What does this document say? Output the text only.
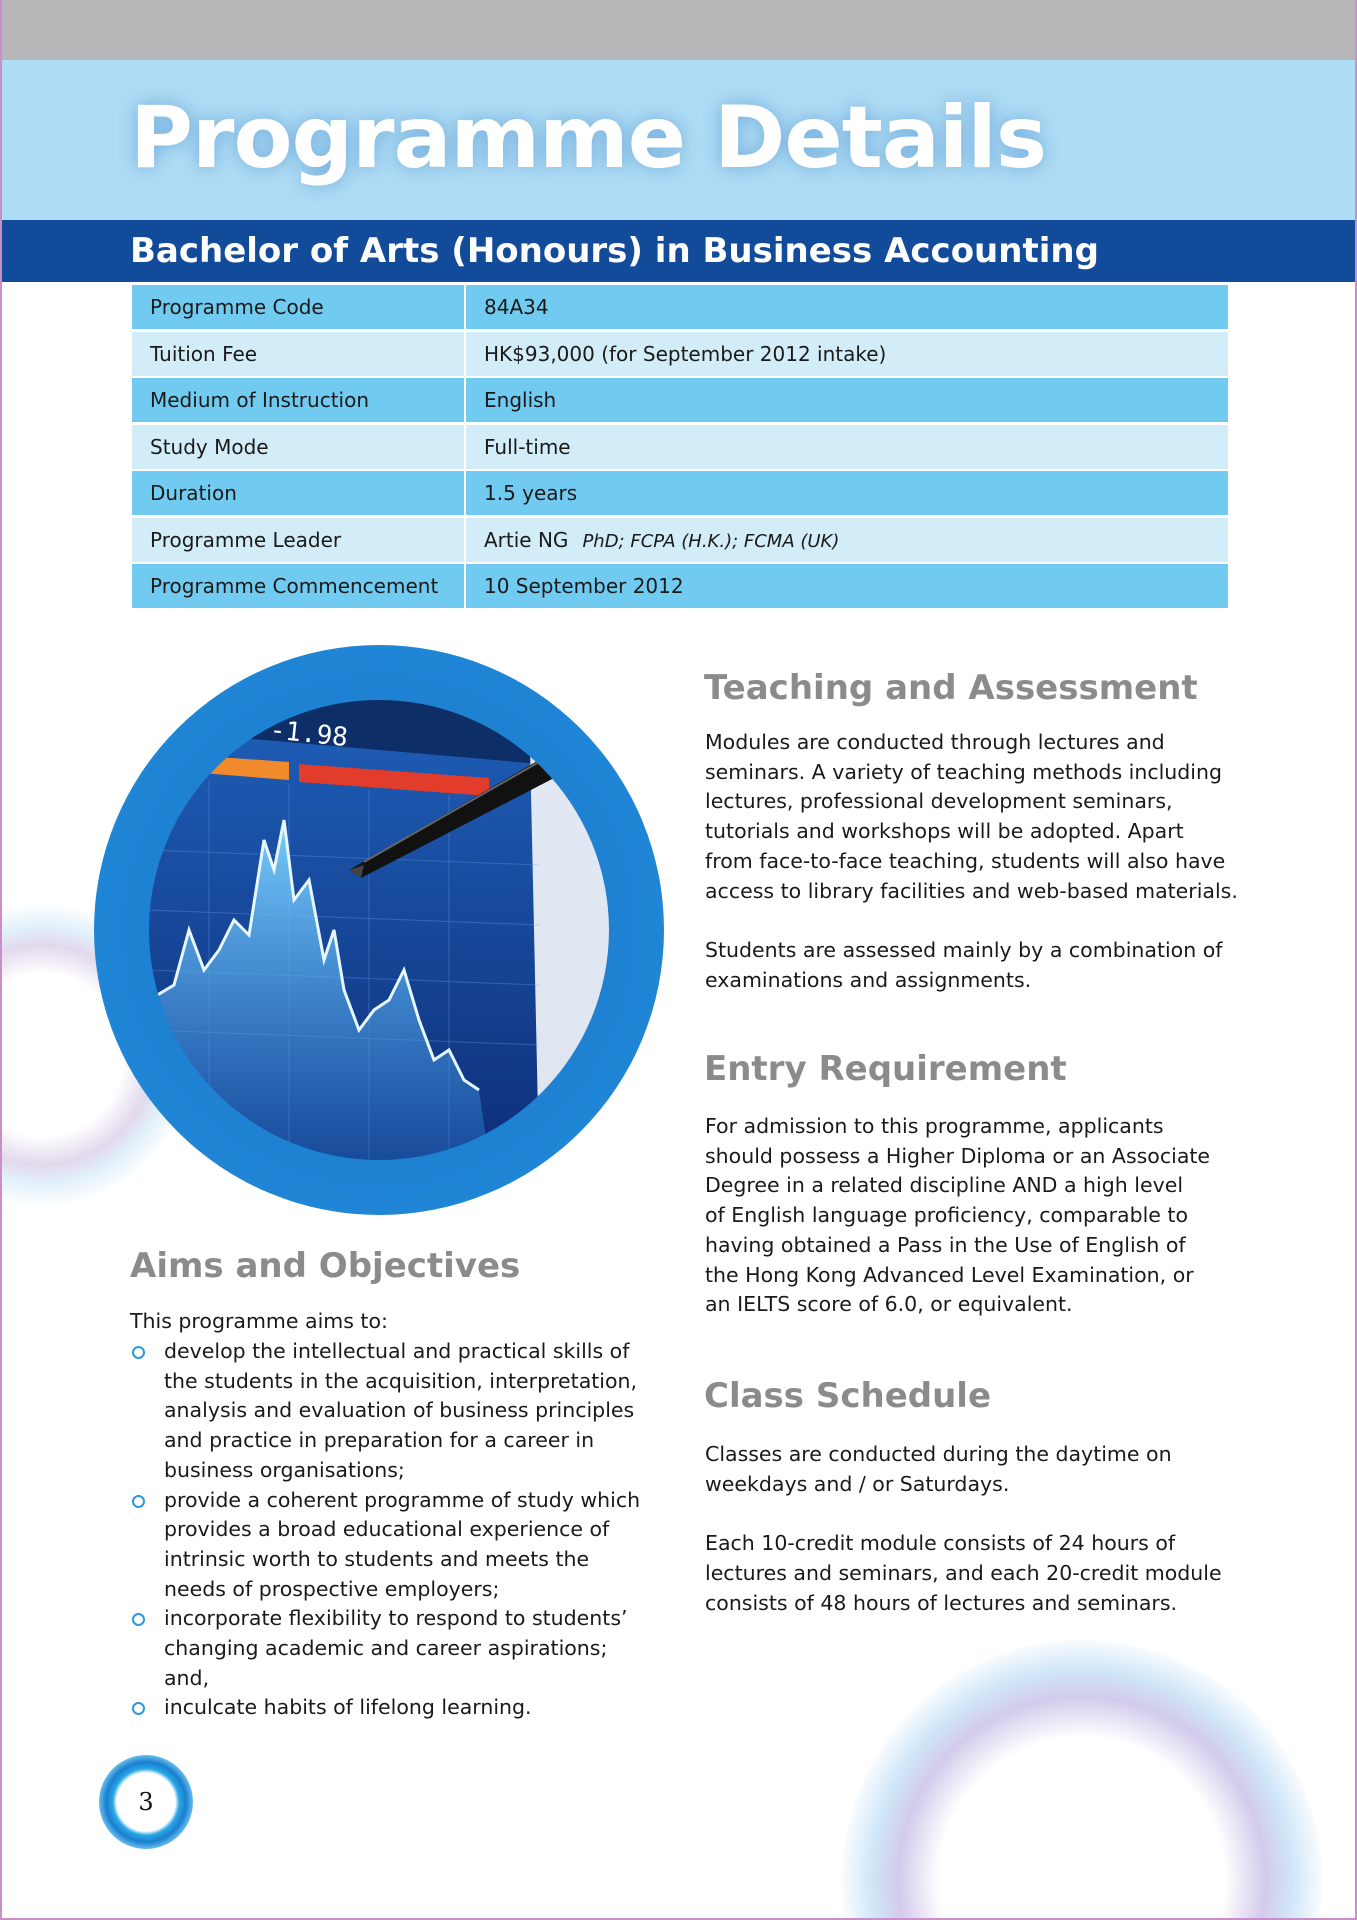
Programme Details
Bachelor of Arts (Honours) in Business Accounting
Programme Code	84A34
Tuition Fee	HK$93,000 (for September 2012 intake)
Medium of Instruction	English
Study Mode	Full-time
Duration	1.5 years
Programme Leader	Artie NG PhD; FCPA (H.K.); FCMA (UK)
Programme Commencement	10 September 2012
-1.98
Teaching and Assessment
Modules are conducted through lectures and
seminars. A variety of teaching methods including
lectures, professional development seminars,
tutorials and workshops will be adopted. Apart
from face-to-face teaching, students will also have
access to library facilities and web-based materials.

Students are assessed mainly by a combination of
examinations and assignments.
Entry Requirement
For admission to this programme, applicants
should possess a Higher Diploma or an Associate
Degree in a related discipline AND a high level
of English language proficiency, comparable to
having obtained a Pass in the Use of English of
the Hong Kong Advanced Level Examination, or
an IELTS score of 6.0, or equivalent.
Class Schedule
Classes are conducted during the daytime on
weekdays and / or Saturdays.

Each 10-credit module consists of 24 hours of
lectures and seminars, and each 20-credit module
consists of 48 hours of lectures and seminars.
Aims and Objectives

This programme aims to:

develop the intellectual and practical skills of the students in the acquisition, interpretation, analysis and evaluation of business principles and practice in preparation for a career in business organisations;
provide a coherent programme of study which provides a broad educational experience of intrinsic worth to students and meets the needs of prospective employers;
incorporate flexibility to respond to students’ changing academic and career aspirations; and,
inculcate habits of lifelong learning.
3
